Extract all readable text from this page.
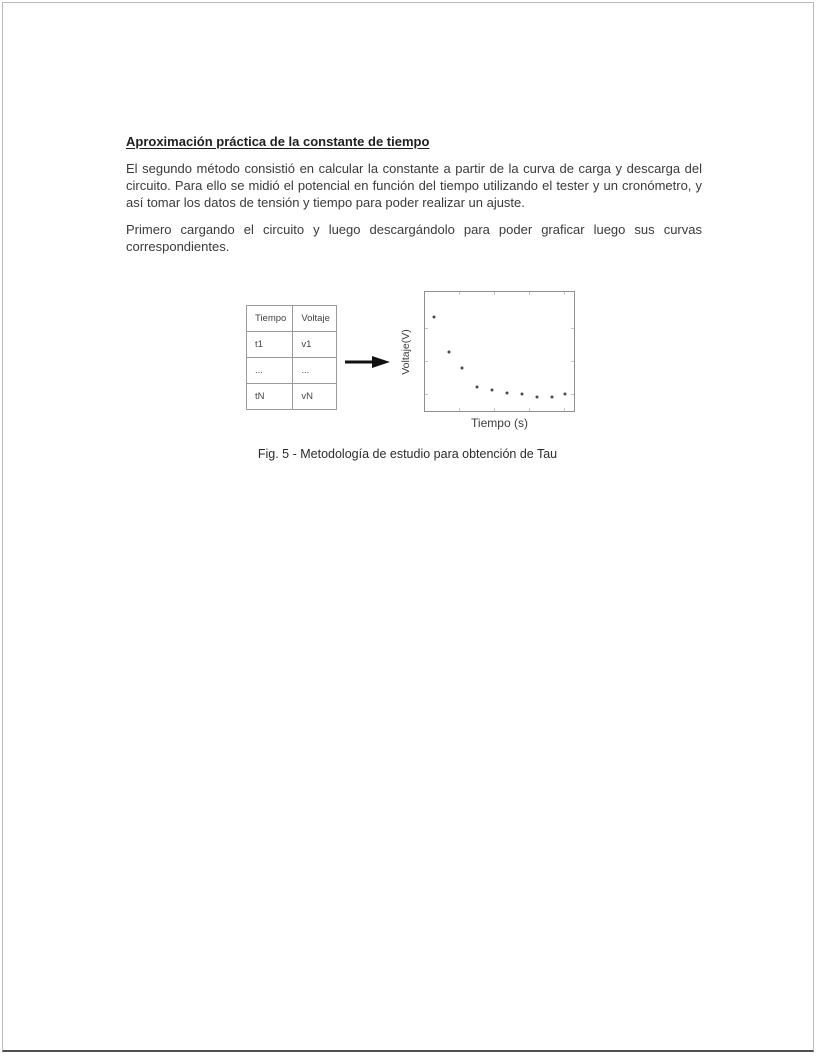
Aproximación práctica de la constante de tiempo

El segundo método consistió en calcular la constante a partir de la curva de carga y descarga del circuito. Para ello se midió el potencial en función del tiempo utilizando el tester y un cronómetro, y así tomar los datos de tensión y tiempo para poder realizar un ajuste.

Primero cargando el circuito y luego descargándolo para poder graficar luego sus curvas correspondientes.

Tiempo	Voltaje
t1	v1
...	...
tN	vN
Voltaje(V)
Tiempo (s)
Fig. 5 - Metodología de estudio para obtención de Tau
